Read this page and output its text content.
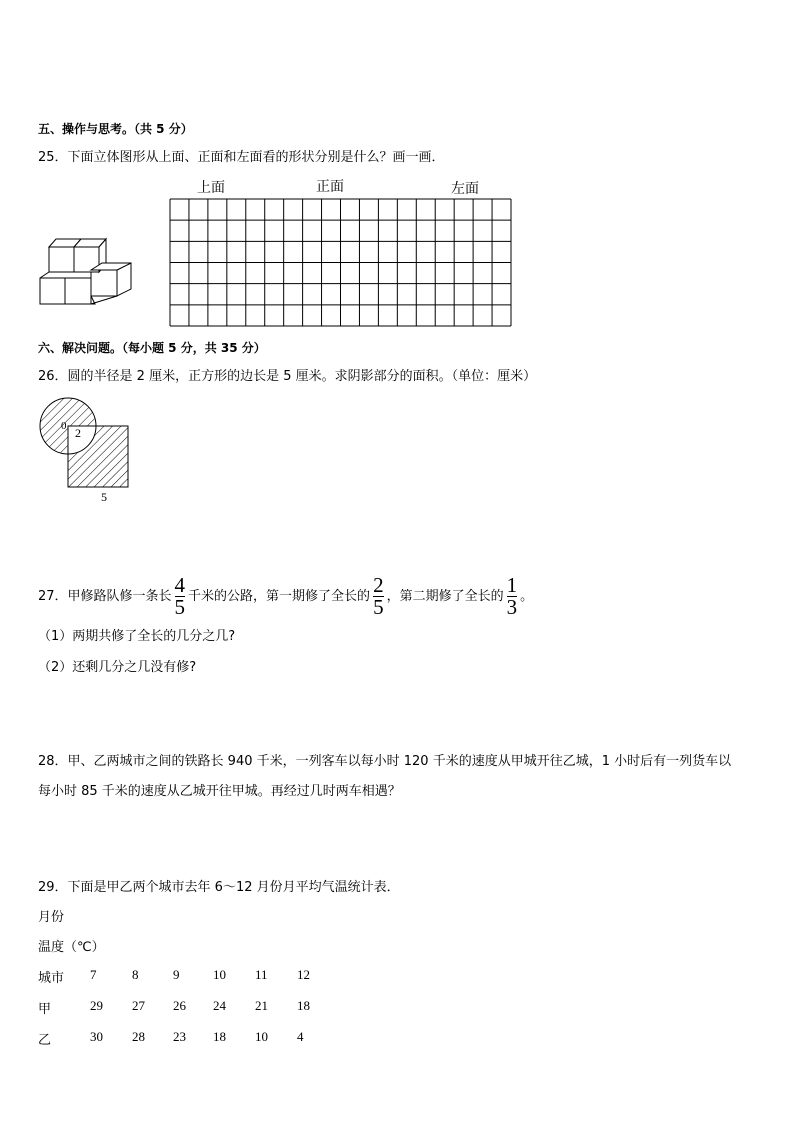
五、操作与思考。（共 5 分）
25．下面立体图形从上面、正面和左面看的形状分别是什么？画一画．
上面	正面	左面
六、解决问题。（每小题 5 分，共 35 分）
26．圆的半径是 2 厘米，正方形的边长是 5 厘米。求阴影部分的面积。（单位：厘米）
0 2
5
27．甲修路队修一条长 $\frac{4}{5}$ 千米的公路，第一期修了全长的 $\frac{2}{5}$ ，第二期修了全长的 $\frac{1}{3}$ 。
（1）两期共修了全长的几分之几?
（2）还剩几分之几没有修?
28．甲、乙两城市之间的铁路长 940 千米，一列客车以每小时 120 千米的速度从甲城开往乙城，1 小时后有一列货车以
每小时 85 千米的速度从乙城开往甲城。再经过几时两车相遇？
29．下面是甲乙两个城市去年 6～12 月份月平均气温统计表．
月份
温度（℃）
城市 7	8	9	10 11 12
甲	29 27 26 24 21 18
乙	30 28 23 18 10 4
